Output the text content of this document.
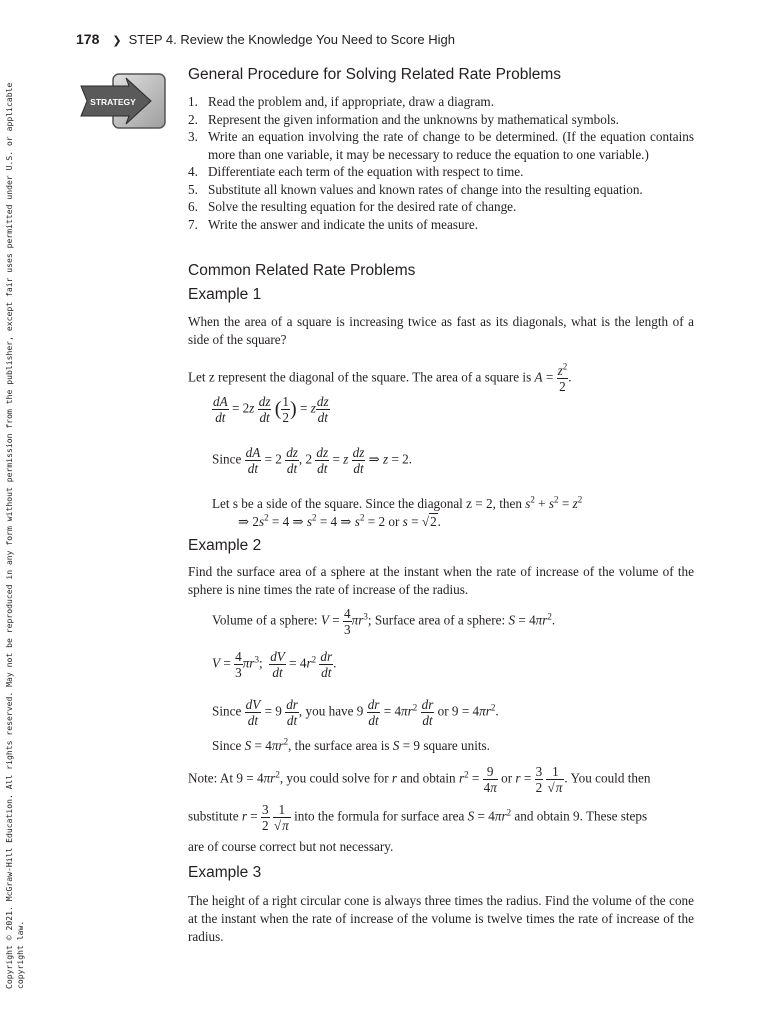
Copyright © 2021. McGraw-Hill Education. All rights reserved. May not be reproduced in any form without permission from the publisher, except fair uses permitted under U.S. or applicable copyright law.
178 ❯ STEP 4. Review the Knowledge You Need to Score High
STRATEGY
General Procedure for Solving Related Rate Problems
1. Read the problem and, if appropriate, draw a diagram.
2. Represent the given information and the unknowns by mathematical symbols.
3. Write an equation involving the rate of change to be determined. (If the equation contains more than one variable, it may be necessary to reduce the equation to one variable.)
4. Differentiate each term of the equation with respect to time.
5. Substitute all known values and known rates of change into the resulting equation.
6. Solve the resulting equation for the desired rate of change.
7. Write the answer and indicate the units of measure.
Common Related Rate Problems
Example 1
When the area of a square is increasing twice as fast as its diagonals, what is the length of a side of the square?
Let z represent the diagonal of the square. The area of a square is $A = \frac{z^2}{2}$ .
$\frac{dA}{dt} = 2z \frac{dz}{dt}$ ( $\frac{1}{2}$ ) = z $\frac{dz}{dt}$
Since $\frac{dA}{dt} = 2 \frac{dz}{dt}$ , $2 \frac{dz}{dt} = z \frac{dz}{dt}$ ⇒ z = 2.
Let s be a side of the square. Since the diagonal z = 2, then $s^2 + s^2 = z^2$
⇒ $2s^2 = 4$ ⇒ $s^2 = 4$ ⇒ $s^2 = 2$ or s = √2.
Example 2
Find the surface area of a sphere at the instant when the rate of increase of the volume of the sphere is nine times the rate of increase of the radius.
Volume of a sphere: $V = \frac{4}{3} \pi r^3$; Surface area of a sphere: $S = 4\pi r^2$.
$V = \frac{4}{3} \pi r^3$; $\frac{dV}{dt} = 4r^2 \frac{dr}{dt}$ .
Since $\frac{dV}{dt} = 9 \frac{dr}{dt}$ , you have $9 \frac{dr}{dt} = 4\pi r^2 \frac{dr}{dt}$ or $9 = 4\pi r^2$.
Since $S = 4\pi r^2$, the surface area is S = 9 square units.
Note: At $9 = 4\pi r^2$, you could solve for r and obtain $r^2 = \frac{9}{4\pi}$ or $r = \frac{3}{2}$
$\frac{1}{√\pi}$ . You could then
substitute $r = \frac{3}{2}$
$\frac{1}{√\pi}$ into the formula for surface area $S = 4\pi r^2$ and obtain 9. These steps
are of course correct but not necessary.
Example 3
The height of a right circular cone is always three times the radius. Find the volume of the cone at the instant when the rate of increase of the volume is twelve times the rate of increase of the radius.
